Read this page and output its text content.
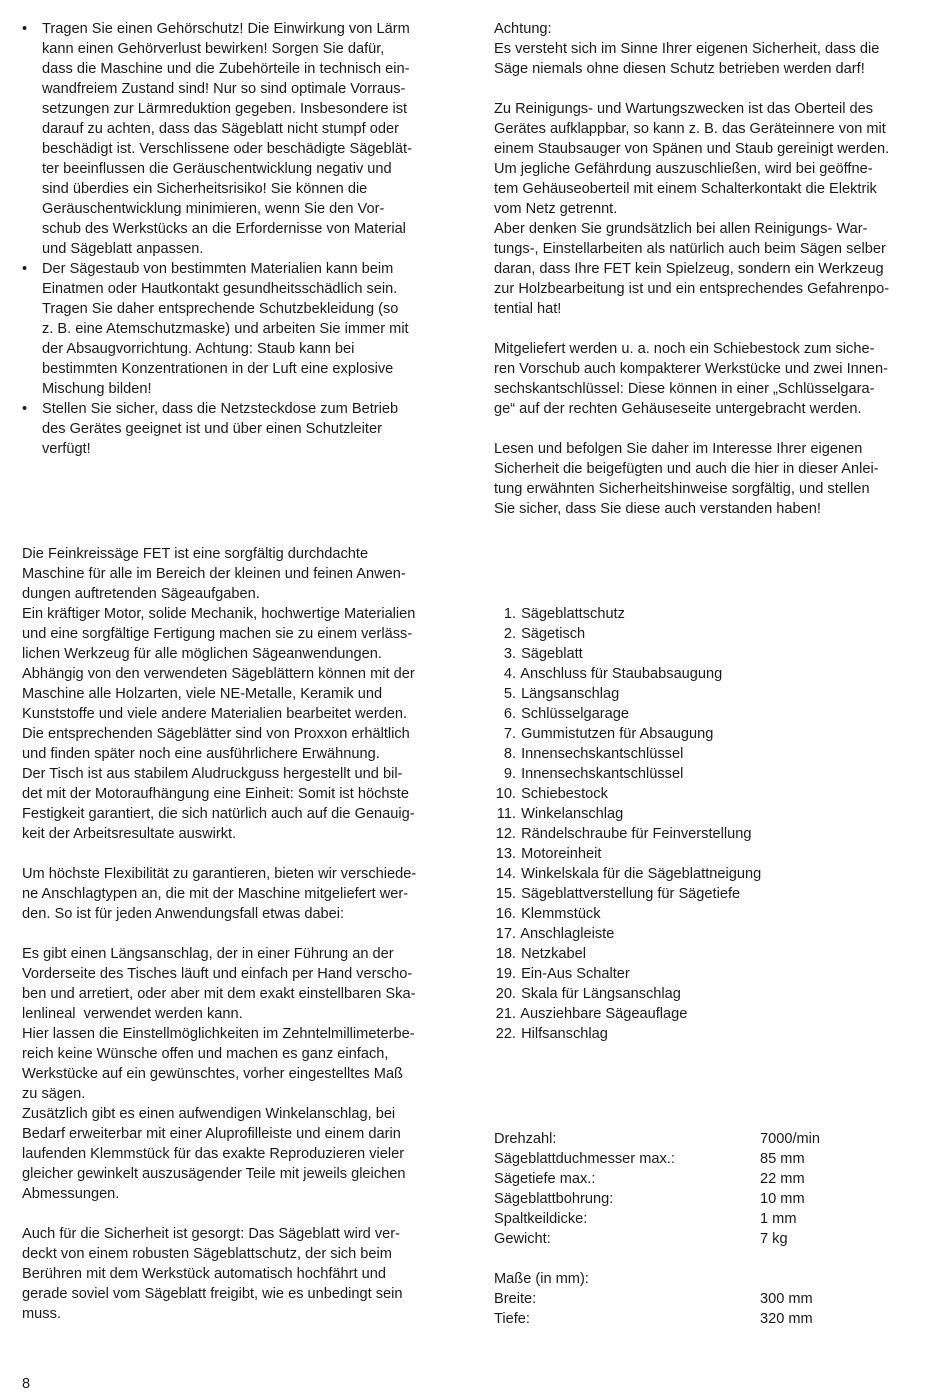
• Tragen Sie einen Gehörschutz! Die Einwirkung von Lärm
kann einen Gehörverlust bewirken! Sorgen Sie dafür,
dass die Maschine und die Zubehörteile in technisch ein-
wandfreiem Zustand sind! Nur so sind optimale Vorraus-
setzungen zur Lärmreduktion gegeben. Insbesondere ist
darauf zu achten, dass das Sägeblatt nicht stumpf oder
beschädigt ist. Verschlissene oder beschädigte Sägeblät-
ter beeinflussen die Geräuschentwicklung negativ und
sind überdies ein Sicherheitsrisiko! Sie können die
Geräuschentwicklung minimieren, wenn Sie den Vor-
schub des Werkstücks an die Erfordernisse von Material
und Sägeblatt anpassen.
• Der Sägestaub von bestimmten Materialien kann beim
Einatmen oder Hautkontakt gesundheitsschädlich sein.
Tragen Sie daher entsprechende Schutzbekleidung (so
z. B. eine Atemschutzmaske) und arbeiten Sie immer mit
der Absaugvorrichtung. Achtung: Staub kann bei
bestimmten Konzentrationen in der Luft eine explosive
Mischung bilden!
• Stellen Sie sicher, dass die Netzsteckdose zum Betrieb
des Gerätes geeignet ist und über einen Schutzleiter
verfügt!
Die Feinkreissäge FET ist eine sorgfältig durchdachte
Maschine für alle im Bereich der kleinen und feinen Anwen-
dungen auftretenden Sägeaufgaben.
Ein kräftiger Motor, solide Mechanik, hochwertige Materialien
und eine sorgfältige Fertigung machen sie zu einem verläss-
lichen Werkzeug für alle möglichen Sägeanwendungen.
Abhängig von den verwendeten Sägeblättern können mit der
Maschine alle Holzarten, viele NE-Metalle, Keramik und
Kunststoffe und viele andere Materialien bearbeitet werden.
Die entsprechenden Sägeblätter sind von Proxxon erhältlich
und finden später noch eine ausführlichere Erwähnung.
Der Tisch ist aus stabilem Aludruckguss hergestellt und bil-
det mit der Motoraufhängung eine Einheit: Somit ist höchste
Festigkeit garantiert, die sich natürlich auch auf die Genauig-
keit der Arbeitsresultate auswirkt.

Um höchste Flexibilität zu garantieren, bieten wir verschiede-
ne Anschlagtypen an, die mit der Maschine mitgeliefert wer-
den. So ist für jeden Anwendungsfall etwas dabei:

Es gibt einen Längsanschlag, der in einer Führung an der
Vorderseite des Tisches läuft und einfach per Hand verscho-
ben und arretiert, oder aber mit dem exakt einstellbaren Ska-
lenlineal  verwendet werden kann.
Hier lassen die Einstellmöglichkeiten im Zehntelmillimeterbe-
reich keine Wünsche offen und machen es ganz einfach,
Werkstücke auf ein gewünschtes, vorher eingestelltes Maß
zu sägen.
Zusätzlich gibt es einen aufwendigen Winkelanschlag, bei
Bedarf erweiterbar mit einer Aluprofilleiste und einem darin
laufenden Klemmstück für das exakte Reproduzieren vieler
gleicher gewinkelt auszusägender Teile mit jeweils gleichen
Abmessungen.

Auch für die Sicherheit ist gesorgt: Das Sägeblatt wird ver-
deckt von einem robusten Sägeblattschutz, der sich beim
Berühren mit dem Werkstück automatisch hochfährt und
gerade soviel vom Sägeblatt freigibt, wie es unbedingt sein
muss.
Achtung:
Es versteht sich im Sinne Ihrer eigenen Sicherheit, dass die
Säge niemals ohne diesen Schutz betrieben werden darf!

Zu Reinigungs- und Wartungszwecken ist das Oberteil des
Gerätes aufklappbar, so kann z. B. das Geräteinnere von mit
einem Staubsauger von Spänen und Staub gereinigt werden.
Um jegliche Gefährdung auszuschließen, wird bei geöffne-
tem Gehäuseoberteil mit einem Schalterkontakt die Elektrik
vom Netz getrennt.
Aber denken Sie grundsätzlich bei allen Reinigungs- War-
tungs-, Einstellarbeiten als natürlich auch beim Sägen selber
daran, dass Ihre FET kein Spielzeug, sondern ein Werkzeug
zur Holzbearbeitung ist und ein entsprechendes Gefahrenpo-
tential hat!

Mitgeliefert werden u. a. noch ein Schiebestock zum siche-
ren Vorschub auch kompakterer Werkstücke und zwei Innen-
sechskantschlüssel: Diese können in einer „Schlüsselgara-
ge“ auf der rechten Gehäuseseite untergebracht werden.

Lesen und befolgen Sie daher im Interesse Ihrer eigenen
Sicherheit die beigefügten und auch die hier in dieser Anlei-
tung erwähnten Sicherheitshinweise sorgfältig, und stellen
Sie sicher, dass Sie diese auch verstanden haben!
1. Sägeblattschutz
2. Sägetisch
3. Sägeblatt
4. Anschluss für Staubabsaugung
5. Längsanschlag
6. Schlüsselgarage
7. Gummistutzen für Absaugung
8. Innensechskantschlüssel
9. Innensechskantschlüssel
10. Schiebestock
11. Winkelanschlag
12. Rändelschraube für Feinverstellung
13. Motoreinheit
14. Winkelskala für die Sägeblattneigung
15. Sägeblattverstellung für Sägetiefe
16. Klemmstück
17. Anschlagleiste
18. Netzkabel
19. Ein-Aus Schalter
20. Skala für Längsanschlag
21. Ausziehbare Sägeauflage
22. Hilfsanschlag
Drehzahl:	7000/min
Sägeblattduchmesser max.:	85 mm
Sägetiefe max.:	22 mm
Sägeblattbohrung:	10 mm
Spaltkeildicke:	1 mm
Gewicht:	7 kg
Maße (in mm):
Breite:	300 mm
Tiefe:	320 mm
8
